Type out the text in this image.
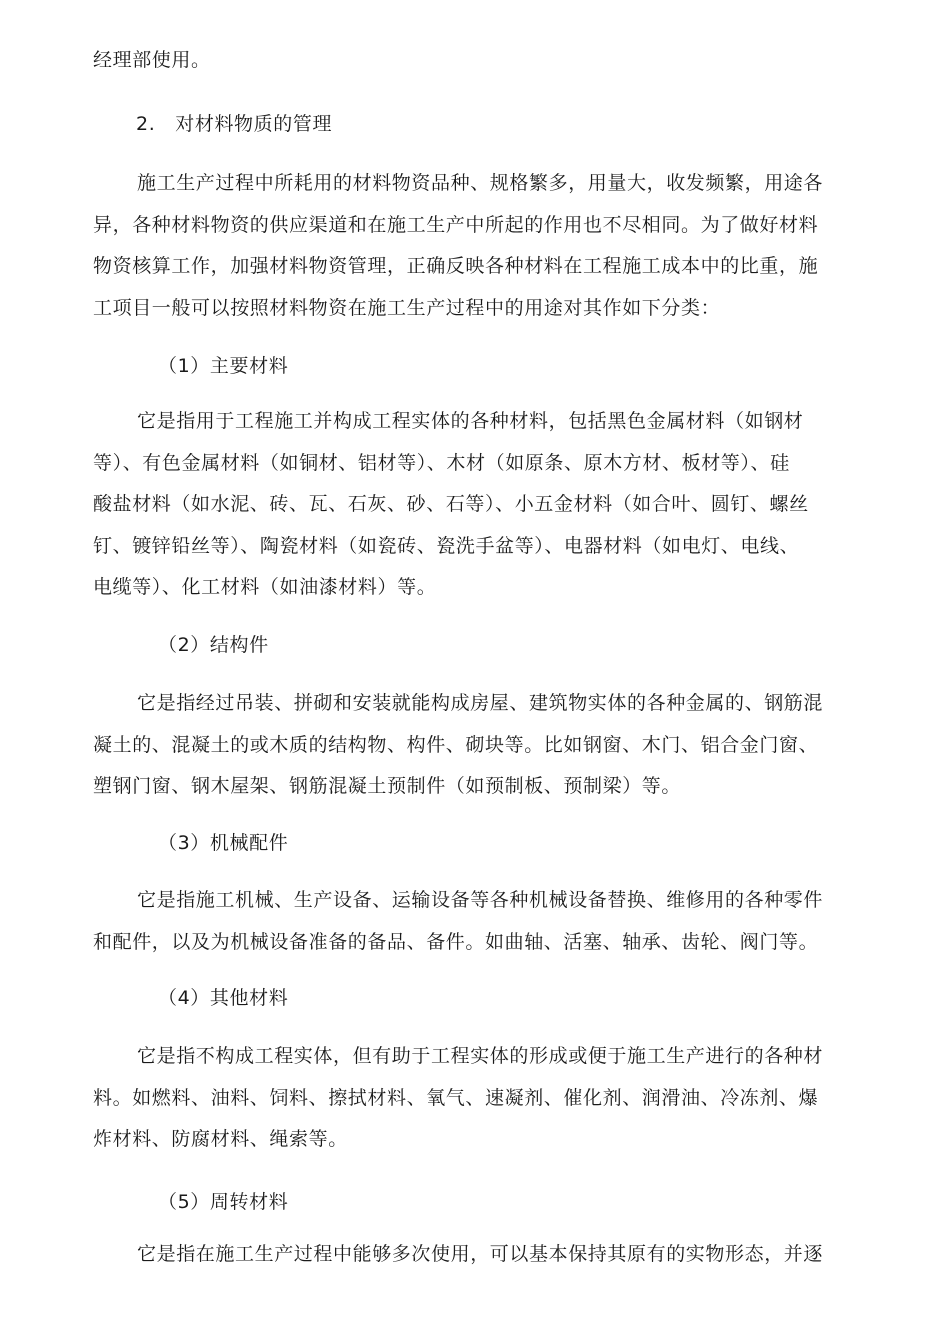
经理部使用。
2.   对材料物质的管理
施工生产过程中所耗用的材料物资品种、规格繁多，用量大，收发频繁，用途各
异，各种材料物资的供应渠道和在施工生产中所起的作用也不尽相同。为了做好材料
物资核算工作，加强材料物资管理，正确反映各种材料在工程施工成本中的比重，施
工项目一般可以按照材料物资在施工生产过程中的用途对其作如下分类：
（1）主要材料
它是指用于工程施工并构成工程实体的各种材料，包括黑色金属材料（如钢材
等）、有色金属材料（如铜材、铝材等）、木材（如原条、原木方材、板材等）、硅
酸盐材料（如水泥、砖、瓦、石灰、砂、石等）、小五金材料（如合叶、圆钉、螺丝
钉、镀锌铅丝等）、陶瓷材料（如瓷砖、瓷洗手盆等）、电器材料（如电灯、电线、
电缆等）、化工材料（如油漆材料）等。
（2）结构件
它是指经过吊装、拼砌和安装就能构成房屋、建筑物实体的各种金属的、钢筋混
凝土的、混凝土的或木质的结构物、构件、砌块等。比如钢窗、木门、铝合金门窗、
塑钢门窗、钢木屋架、钢筋混凝土预制件（如预制板、预制梁）等。
（3）机械配件
它是指施工机械、生产设备、运输设备等各种机械设备替换、维修用的各种零件
和配件，以及为机械设备准备的备品、备件。如曲轴、活塞、轴承、齿轮、阀门等。
（4）其他材料
它是指不构成工程实体，但有助于工程实体的形成或便于施工生产进行的各种材
料。如燃料、油料、饲料、擦拭材料、氧气、速凝剂、催化剂、润滑油、冷冻剂、爆
炸材料、防腐材料、绳索等。
（5）周转材料
它是指在施工生产过程中能够多次使用，可以基本保持其原有的实物形态，并逐
